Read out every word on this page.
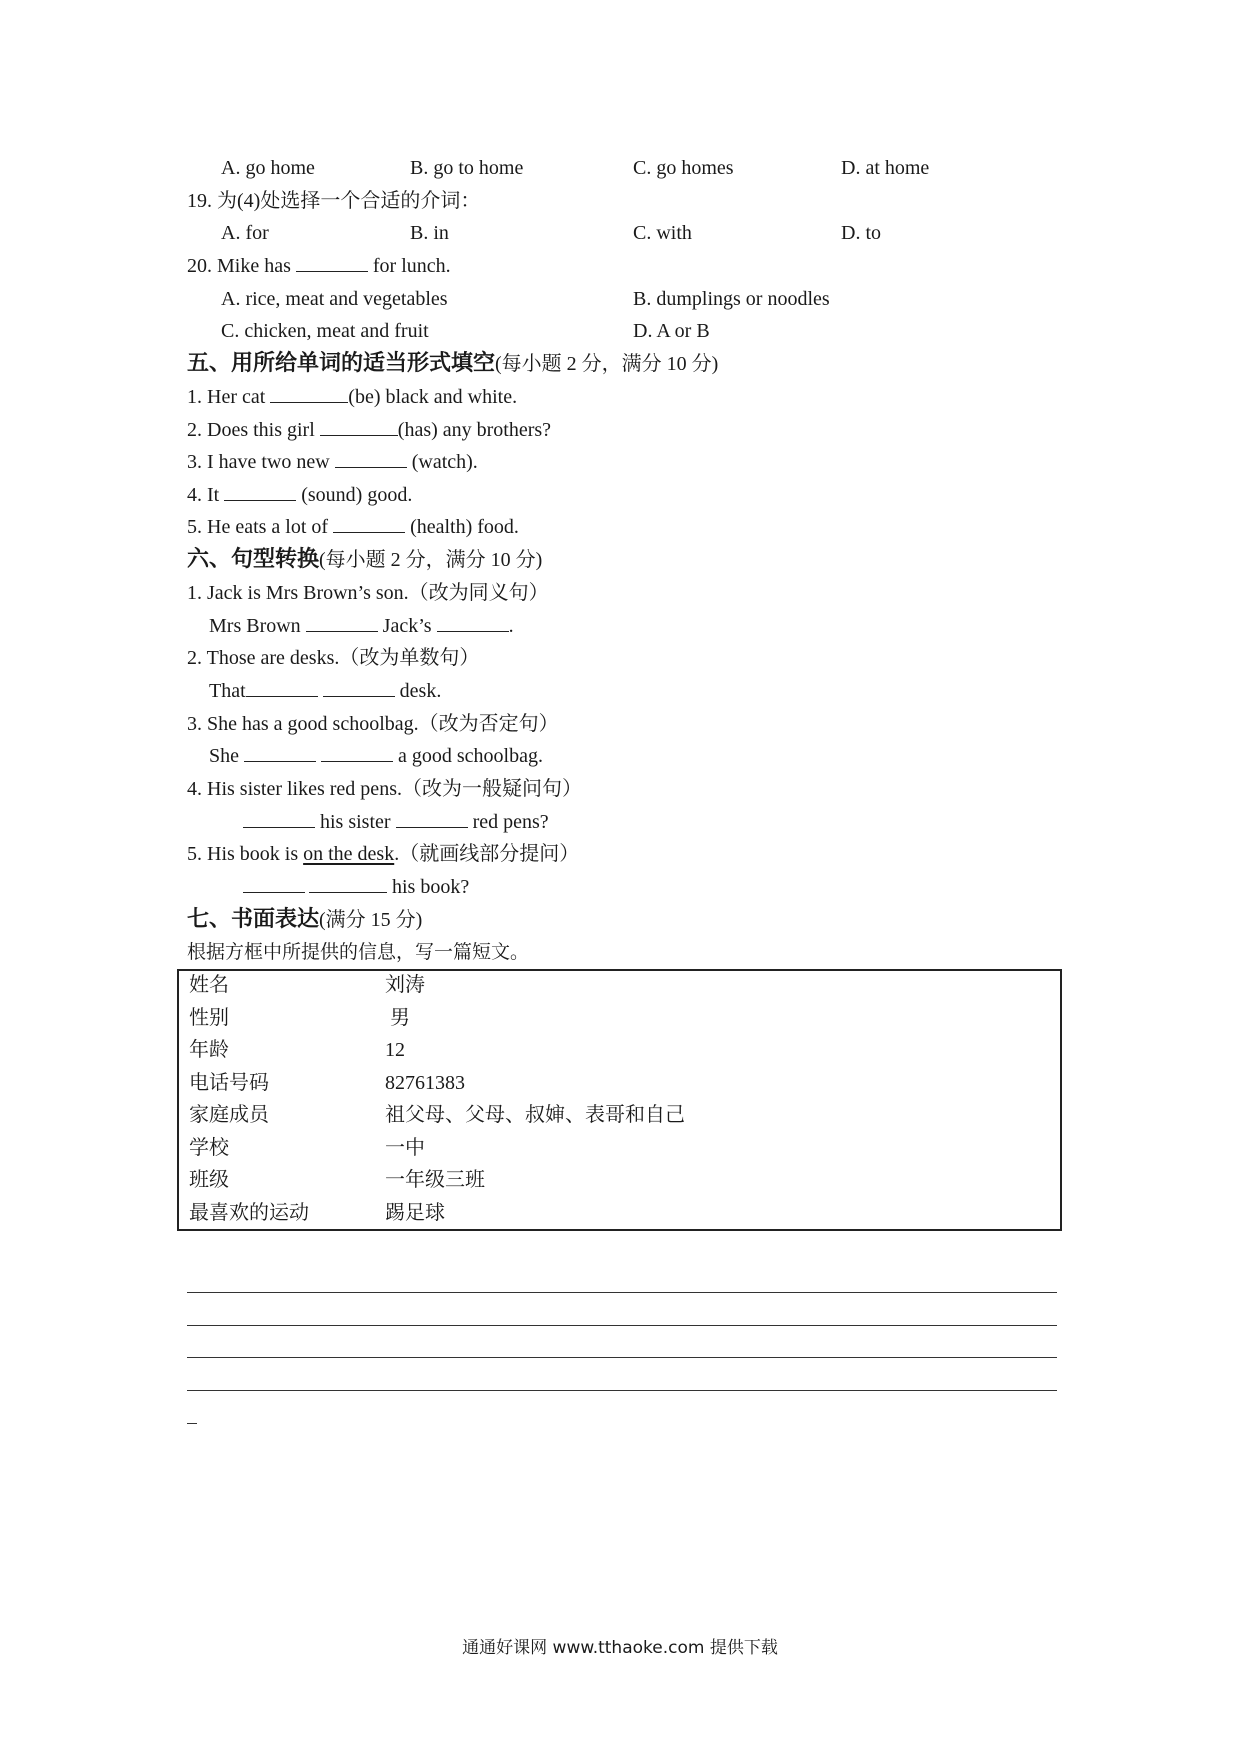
A. go home	B. go to home	C. go homes	D. at home
19. 为(4)处选择一个合适的介词：
A. for	B. in	C. with	D. to
20. Mike has	for lunch.
A. rice, meat and vegetables	B. dumplings or noodles
C. chicken, meat and fruit	D. A or B
五、用所给单词的适当形式填空(每小题 2 分，满分 10 分)
1. Her cat	(be) black and white.
2. Does this girl	(has) any brothers?
3. I have two new	(watch).
4. It	(sound) good.
5. He eats a lot of	(health) food.
六、句型转换(每小题 2 分，满分 10 分)
1. Jack is Mrs Brown’s son.（改为同义句）
Mrs Brown	Jack’s	.
2. Those are desks.（改为单数句）
That	desk.
3. She has a good schoolbag.（改为否定句）
She	a good schoolbag.
4. His sister likes red pens.（改为一般疑问句）
his sister	red pens?
5. His book is on the desk.（就画线部分提问）
his book?
七、书面表达(满分 15 分)
根据方框中所提供的信息，写一篇短文。
姓名	刘涛
性别	男
年龄	12
电话号码	82761383
家庭成员	祖父母、父母、叔婶、表哥和自己
学校	一中
班级	一年级三班
最喜欢的运动	踢足球
通通好课网 www.tthaoke.com 提供下载
